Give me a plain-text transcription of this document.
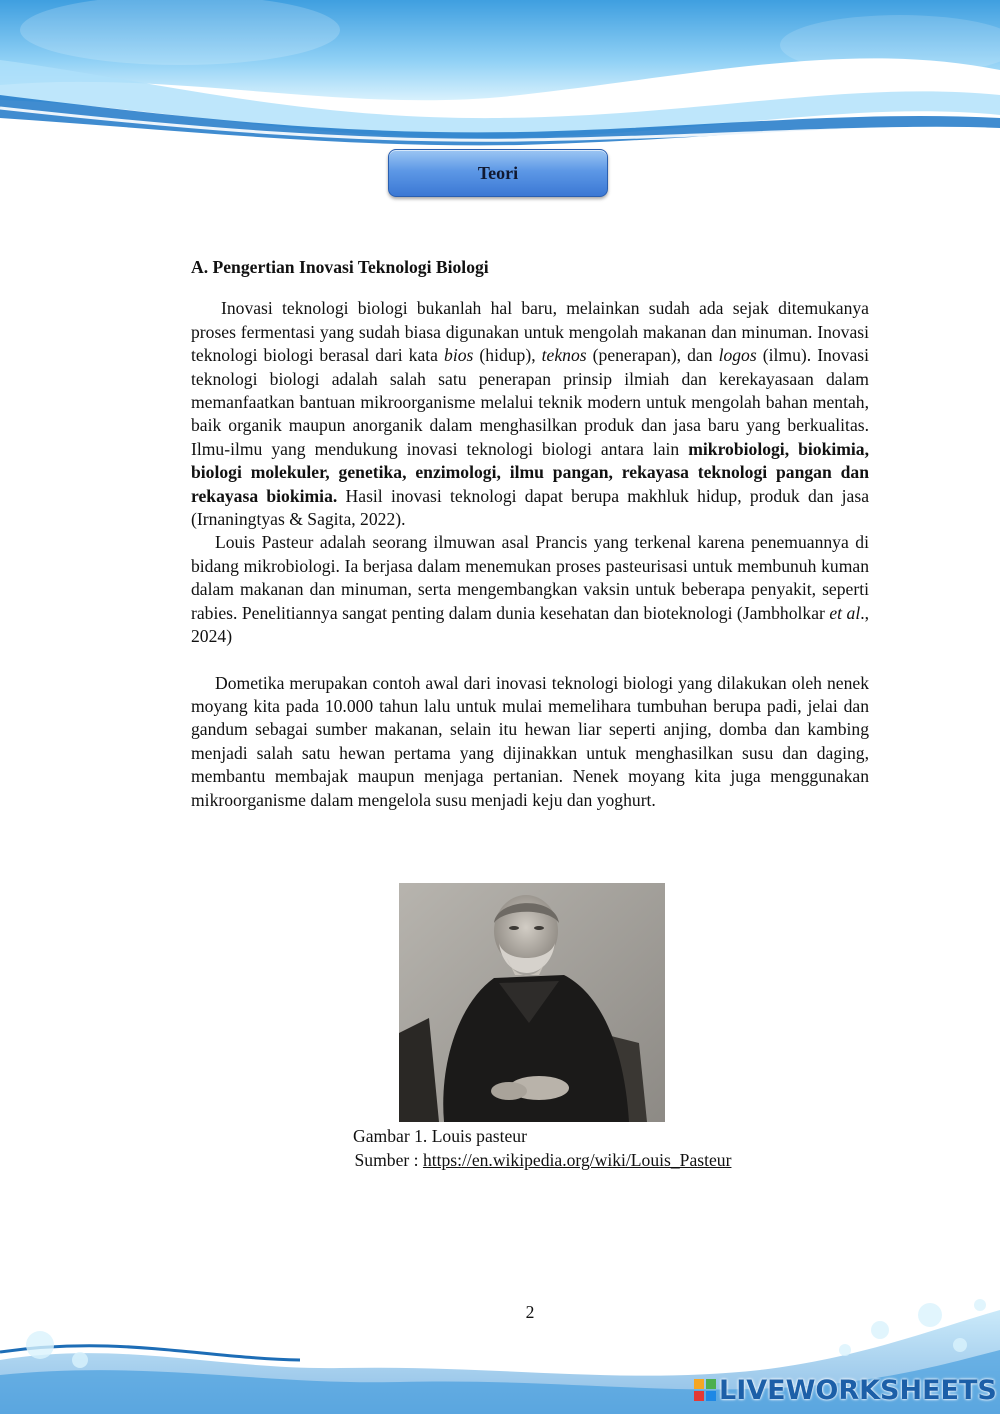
Teori
A. Pengertian Inovasi Teknologi Biologi

Inovasi teknologi biologi bukanlah hal baru, melainkan sudah ada sejak ditemukanya proses fermentasi yang sudah biasa digunakan untuk mengolah makanan dan minuman. Inovasi teknologi biologi berasal dari kata bios (hidup), teknos (penerapan), dan logos (ilmu). Inovasi teknologi biologi adalah salah satu penerapan prinsip ilmiah dan kerekayasaan dalam memanfaatkan bantuan mikroorganisme melalui teknik modern untuk mengolah bahan mentah, baik organik maupun anorganik dalam menghasilkan produk dan jasa baru yang berkualitas. Ilmu-ilmu yang mendukung inovasi teknologi biologi antara lain mikrobiologi, biokimia, biologi molekuler, genetika, enzimologi, ilmu pangan, rekayasa teknologi pangan dan rekayasa biokimia. Hasil inovasi teknologi dapat berupa makhluk hidup, produk dan jasa (Irnaningtyas & Sagita, 2022).

Louis Pasteur adalah seorang ilmuwan asal Prancis yang terkenal karena penemuannya di bidang mikrobiologi. Ia berjasa dalam menemukan proses pasteurisasi untuk membunuh kuman dalam makanan dan minuman, serta mengembangkan vaksin untuk beberapa penyakit, seperti rabies. Penelitiannya sangat penting dalam dunia kesehatan dan bioteknologi (Jambholkar et al., 2024)

Dometika merupakan contoh awal dari inovasi teknologi biologi yang dilakukan oleh nenek moyang kita pada 10.000 tahun lalu untuk mulai memelihara tumbuhan berupa padi, jelai dan gandum sebagai sumber makanan, selain itu hewan liar seperti anjing, domba dan kambing menjadi salah satu hewan pertama yang dijinakkan untuk menghasilkan susu dan daging, membantu membajak maupun menjaga pertanian. Nenek moyang kita juga menggunakan mikroorganisme dalam mengelola susu menjadi keju dan yoghurt.

Gambar 1. Louis pasteur
Sumber : https://en.wikipedia.org/wiki/Louis_Pasteur
2
LIVEWORKSHEETS
